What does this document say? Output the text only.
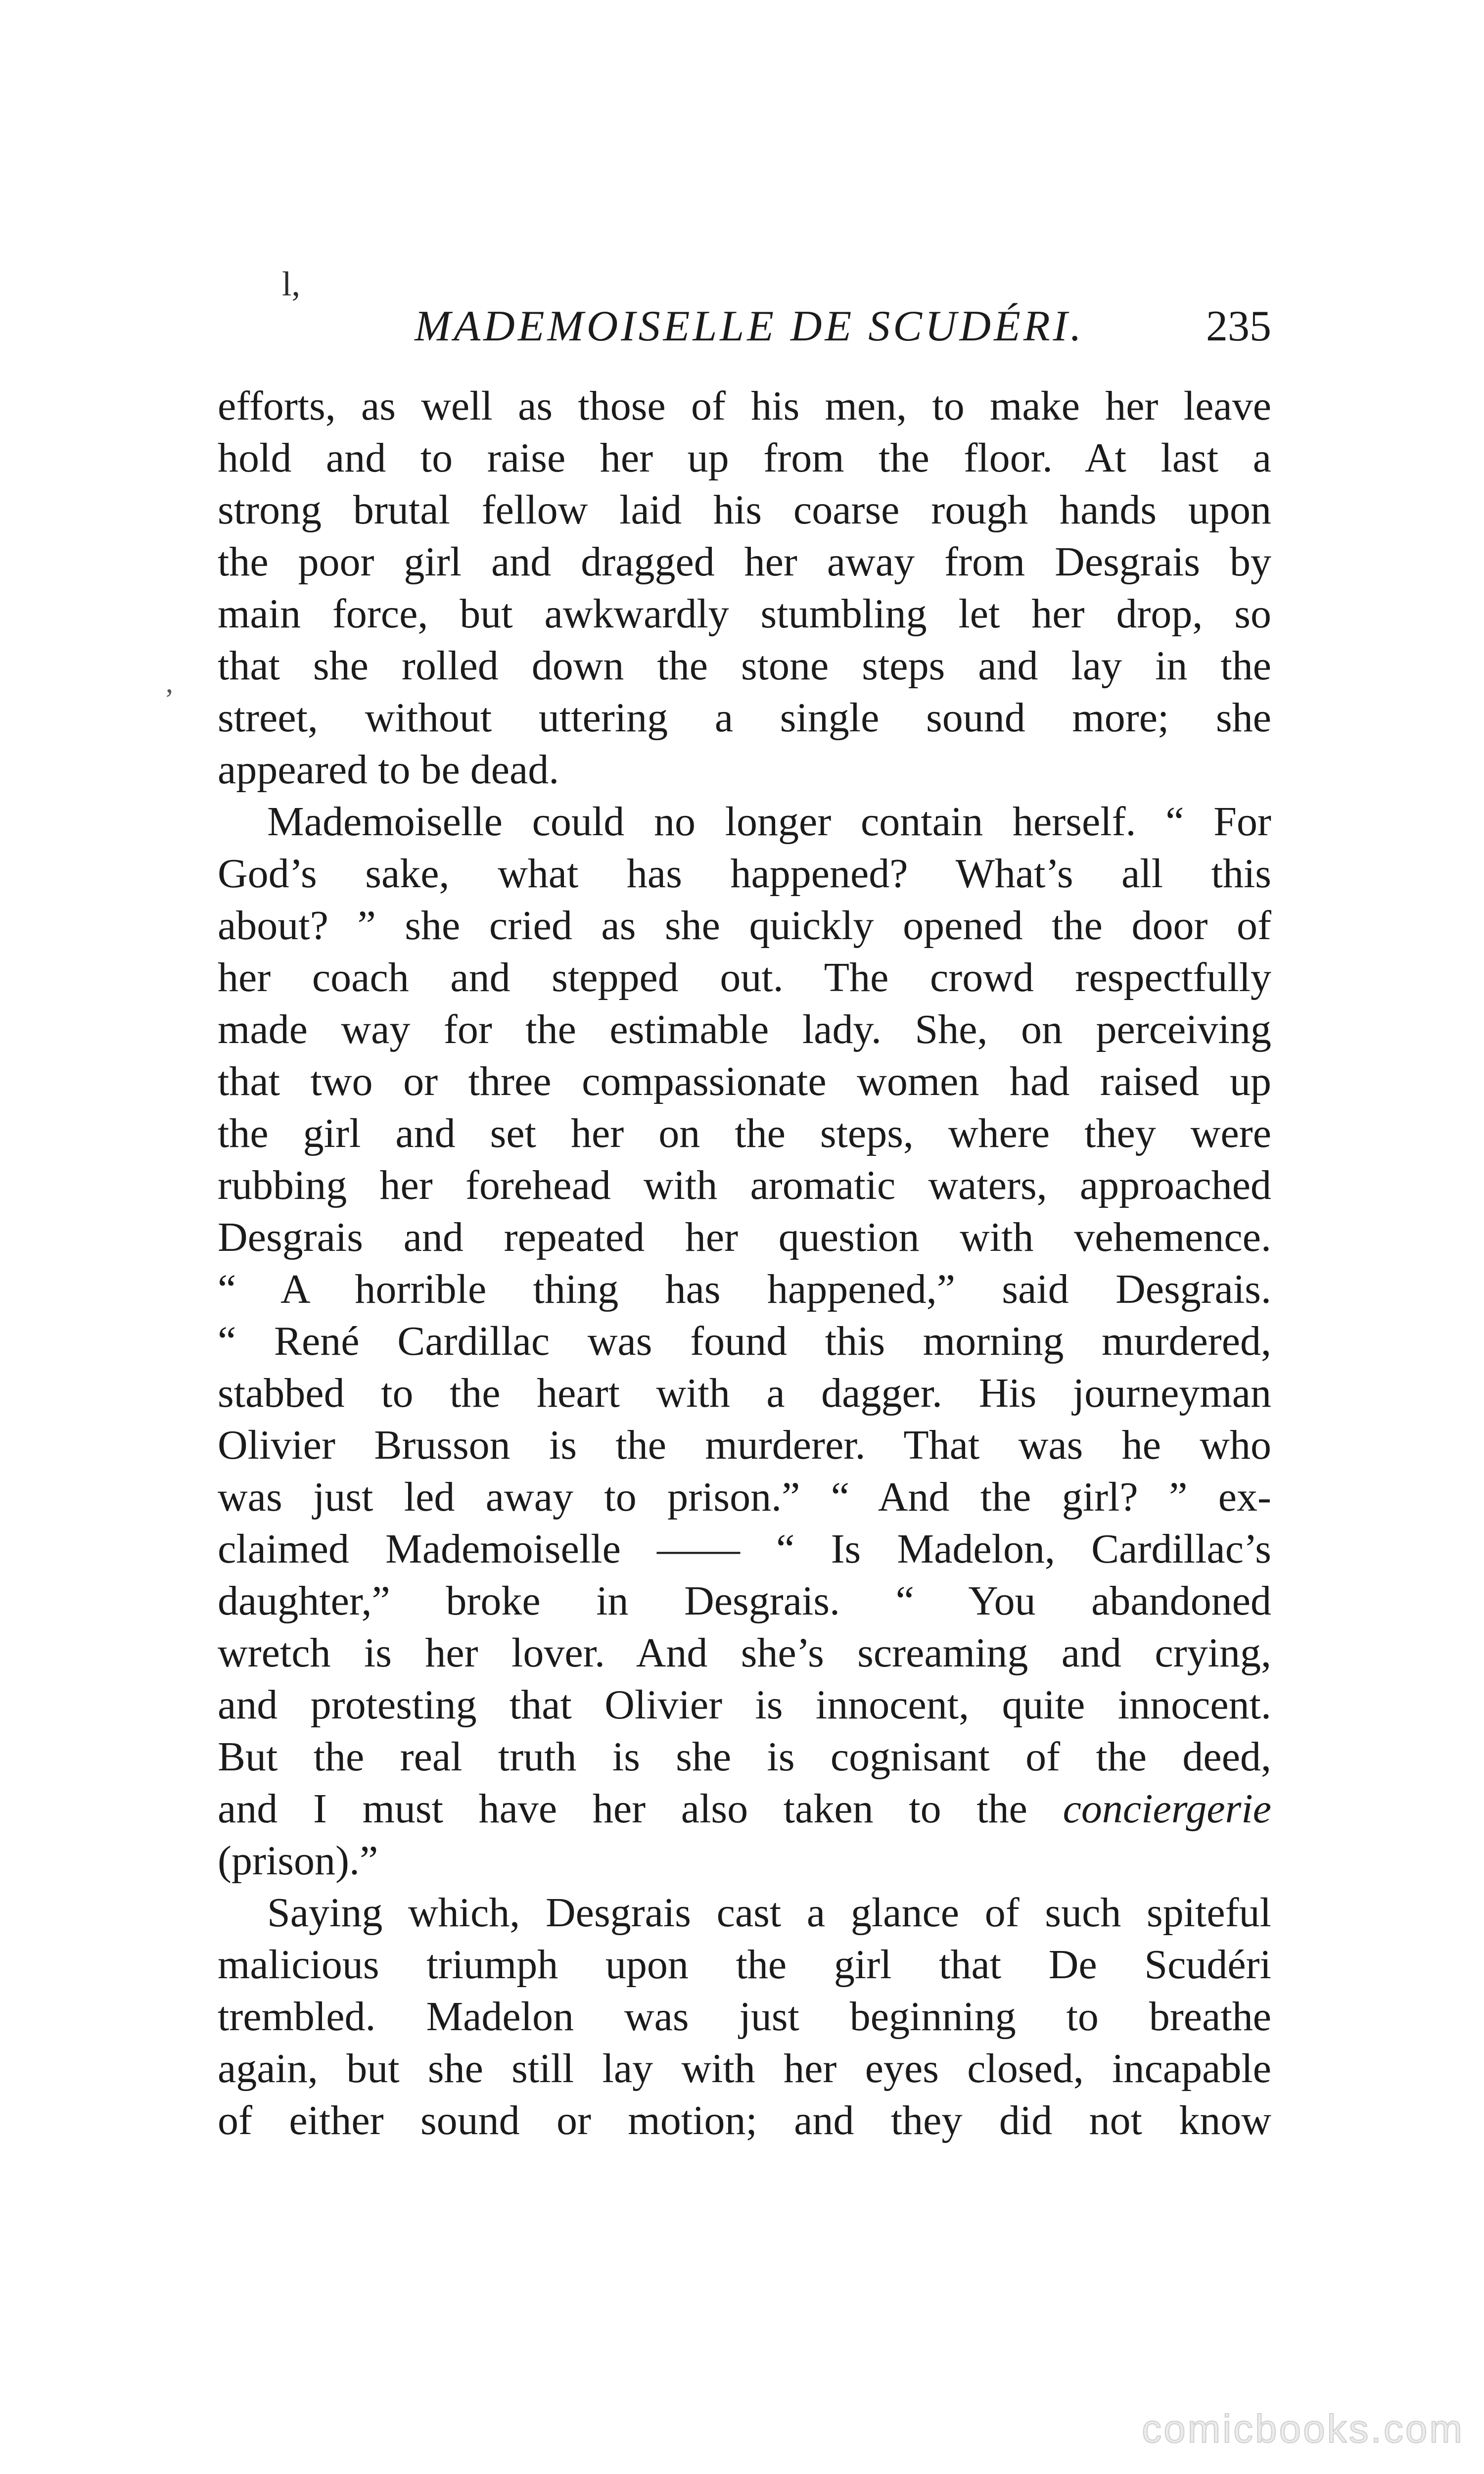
l,
MADEMOISELLE DE SCUDÉRI.	235
,
efforts, as well as those of his men, to make her leave
hold and to raise her up from the floor. At last a
strong brutal fellow laid his coarse rough hands upon
the poor girl and dragged her away from Desgrais by
main force, but awkwardly stumbling let her drop, so
that she rolled down the stone steps and lay in the
street, without uttering a single sound more; she
appeared to be dead.
Mademoiselle could no longer contain herself. “ For
God’s sake, what has happened? What’s all this
about? ” she cried as she quickly opened the door of
her coach and stepped out. The crowd respectfully
made way for the estimable lady. She, on perceiving
that two or three compassionate women had raised up
the girl and set her on the steps, where they were
rubbing her forehead with aromatic waters, approached
Desgrais and repeated her question with vehemence.
“ A horrible thing has happened,” said Desgrais.
“ René Cardillac was found this morning murdered,
stabbed to the heart with a dagger. His journeyman
Olivier Brusson is the murderer. That was he who
was just led away to prison.” “ And the girl? ” ex-
claimed Mademoiselle —— “ Is Madelon, Cardillac’s
daughter,” broke in Desgrais. “ You abandoned
wretch is her lover. And she’s screaming and crying,
and protesting that Olivier is innocent, quite innocent.
But the real truth is she is cognisant of the deed,
and I must have her also taken to the conciergerie
(prison).”
Saying which, Desgrais cast a glance of such spiteful
malicious triumph upon the girl that De Scudéri
trembled. Madelon was just beginning to breathe
again, but she still lay with her eyes closed, incapable
of either sound or motion; and they did not know
comicbooks.com
